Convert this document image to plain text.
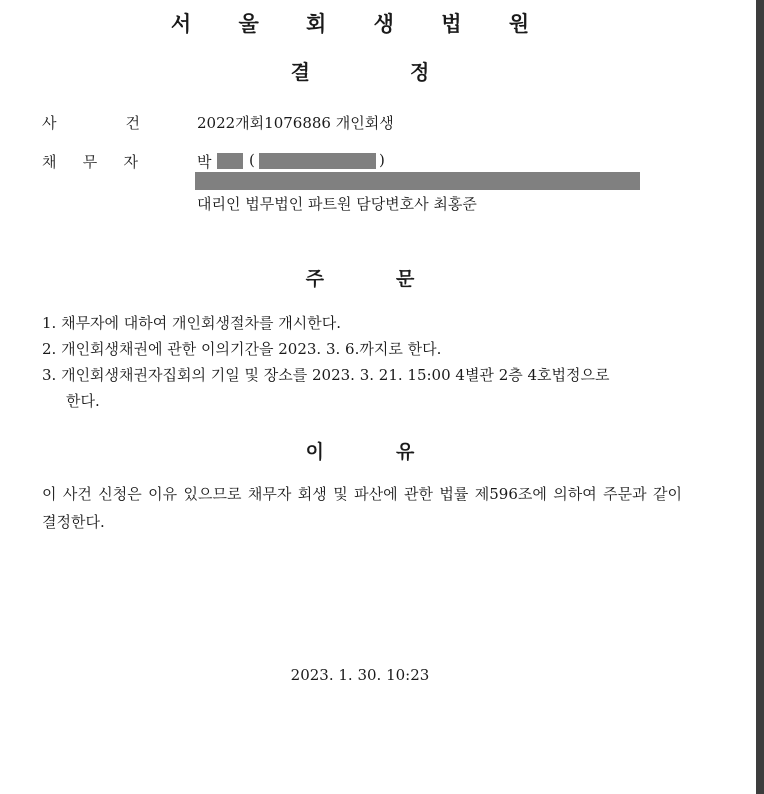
서 울 회 생 법 원
결	정
사	건	2022개회1076886 개인회생
채 무 자	박	(	)
대리인 법무법인 파트원 담당변호사 최홍준
주	문
1. 채무자에 대하여 개인회생절차를 개시한다.
2. 개인회생채권에 관한 이의기간을 2023. 3. 6.까지로 한다.
3. 개인회생채권자집회의 기일 및 장소를 2023. 3. 21. 15:00 4별관 2층 4호법정으로
한다.
이	유
이 사건 신청은 이유 있으므로 채무자 회생 및 파산에 관한 법률 제596조에 의하여 주문과 같이 결정한다.
2023. 1. 30. 10:23
